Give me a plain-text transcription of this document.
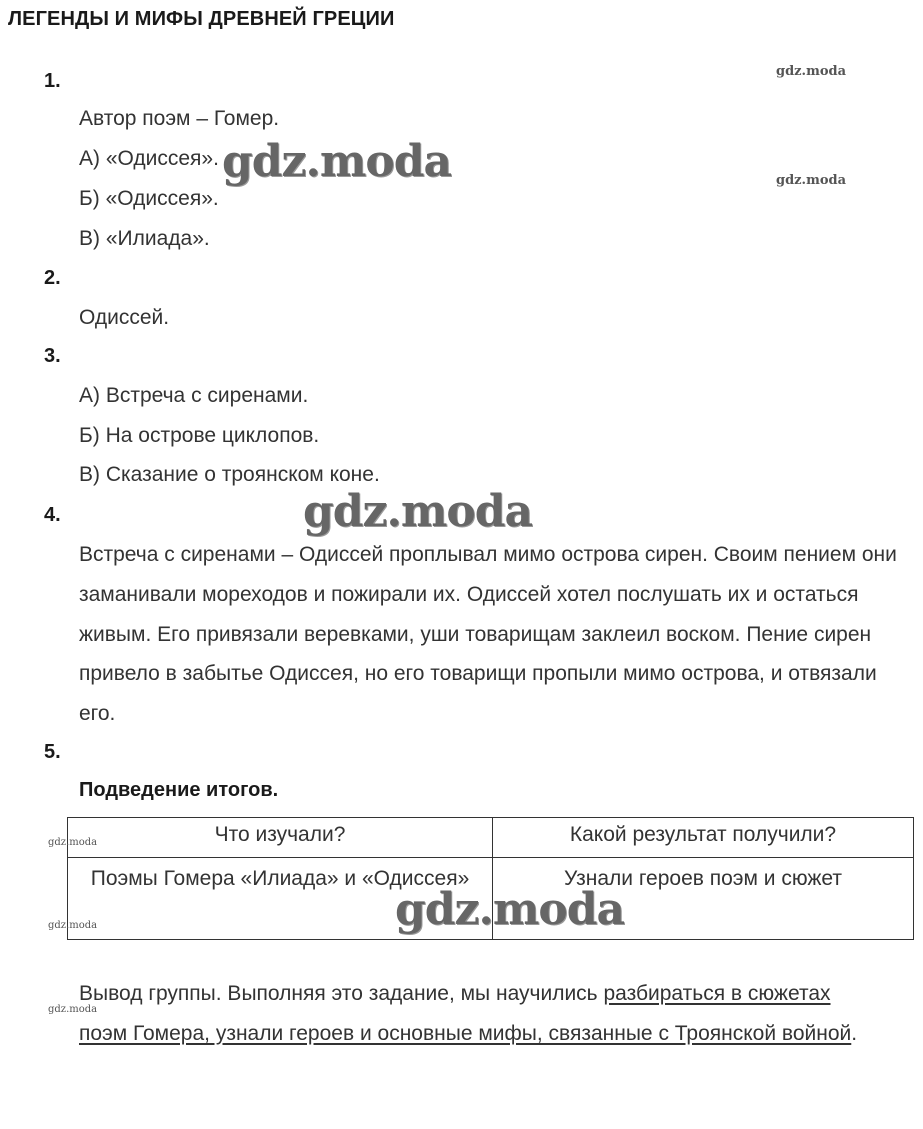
ЛЕГЕНДЫ И МИФЫ ДРЕВНЕЙ ГРЕЦИИ
1.
Автор поэм – Гомер.
А) «Одиссея».
Б) «Одиссея».
В) «Илиада».
2.
Одиссей.
3.
А) Встреча с сиренами.
Б) На острове циклопов.
В) Сказание о троянском коне.
4.
Встреча с сиренами – Одиссей проплывал мимо острова сирен. Своим пением они заманивали мореходов и пожирали их. Одиссей хотел послушать их и остаться живым. Его привязали веревками, уши товарищам заклеил воском. Пение сирен привело в забытье Одиссея, но его товарищи пропыли мимо острова, и отвязали его.
5.
Подведение итогов.
Что изучали?	Какой результат получили?
Поэмы Гомера «Илиада» и «Одиссея»	Узнали героев поэм и сюжет
Вывод группы. Выполняя это задание, мы научились разбираться в сюжетах поэм Гомера, узнали героев и основные мифы, связанные с Троянской войной.
gdz.moda
gdz.moda
gdz.moda
gdz.moda
gdz.moda
gdz.moda
gdz.moda
gdz.moda
